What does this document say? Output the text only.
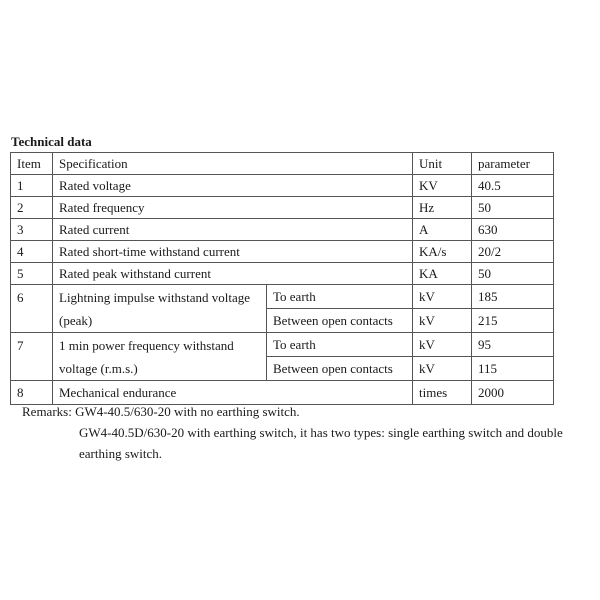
Technical data
Item	Specification		Unit	parameter
1	Rated voltage		KV	40.5
2	Rated frequency		Hz	50
3	Rated current		A	630
4	Rated short-time withstand current		KA/s	20/2
5	Rated peak withstand current		KA	50
6	Lightning impulse withstand voltage (peak)	To earth	kV	185
		Between open contacts	kV	215
7	1 min power frequency withstand voltage (r.m.s.)	To earth	kV	95
		Between open contacts	kV	115
8	Mechanical endurance		times	2000
Remarks: GW4-40.5/630-20 with no earthing switch.
GW4-40.5D/630-20 with earthing switch, it has two types: single earthing switch and double earthing switch.
